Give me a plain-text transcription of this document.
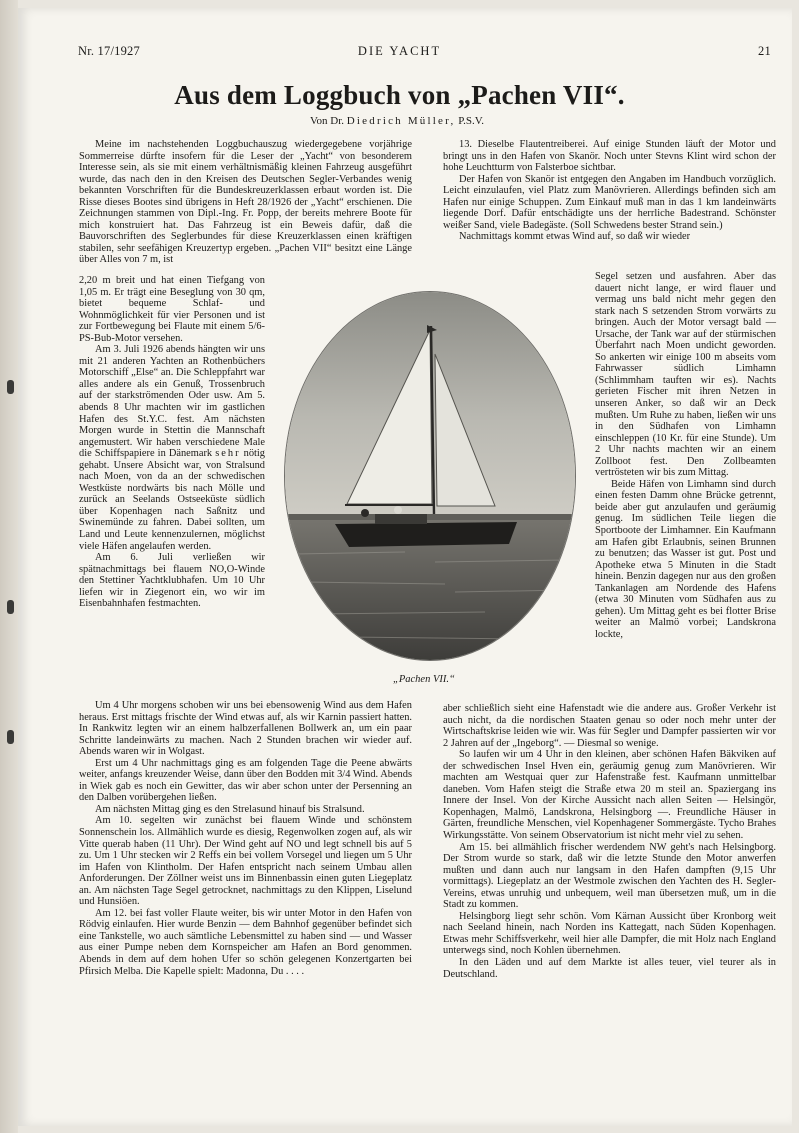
Nr. 17/1927	DIE YACHT	21
Aus dem Loggbuch von „Pachen VII“.
Von Dr. Diedrich Müller, P.S.V.

Meine im nachstehenden Loggbuchauszug wiedergegebene vorjährige Sommerreise dürfte insofern für die Leser der „Yacht“ von besonderem Interesse sein, als sie mit einem verhältnismäßig kleinen Fahrzeug ausgeführt wurde, das nach den in den Kreisen des Deutschen Segler-Verbandes wenig bekannten Vorschriften für die Bundeskreuzerklassen erbaut worden ist. Die Risse dieses Bootes sind übrigens in Heft 28/1926 der „Yacht“ erschienen. Die Zeichnungen stammen von Dipl.-Ing. Fr. Popp, der bereits mehrere Boote für mich konstruiert hat. Das Fahrzeug ist ein Beweis dafür, daß die Bauvorschriften des Seglerbundes für diese Kreuzerklassen einen kräftigen stabilen, sehr seefähigen Kreuzertyp ergeben. „Pachen VII“ besitzt eine Länge über Alles von 7 m, ist

2,20 m breit und hat einen Tiefgang von 1,05 m. Er trägt eine Beseglung von 30 qm, bietet bequeme Schlaf- und Wohnmöglichkeit für vier Personen und ist zur Fortbewegung bei Flaute mit einem 5/6-PS-Bub-Motor versehen.

Am 3. Juli 1926 abends hängten wir uns mit 21 anderen Yachten an Rothenbüchers Motorschiff „Else“ an. Die Schleppfahrt war alles andere als ein Genuß, Trossenbruch auf der starkströmenden Oder usw. Am 5. abends 8 Uhr machten wir im gastlichen Hafen des St.Y.C. fest. Am nächsten Morgen wurde in Stettin die Mannschaft angemustert. Wir haben verschiedene Male die Schiffspapiere in Dänemark sehr nötig gehabt. Unsere Absicht war, von Stralsund nach Moen, von da an der schwedischen Westküste nordwärts bis nach Mölle und zurück an Seelands Ostseeküste südlich über Kopenhagen nach Saßnitz und Swinemünde zu fahren. Dabei sollten, um Land und Leute kennenzulernen, möglichst viele Häfen angelaufen werden.

Am 6. Juli verließen wir spätnachmittags bei flauem NO,O-Winde den Stettiner Yachtklubhafen. Um 10 Uhr liefen wir in Ziegenort ein, wo wir im Eisenbahnhafen festmachten.

Um 4 Uhr morgens schoben wir uns bei ebensowenig Wind aus dem Hafen heraus. Erst mittags frischte der Wind etwas auf, als wir Karnin passiert hatten. In Rankwitz legten wir an einem halbzerfallenen Bollwerk an, um ein paar Schritte landeinwärts zu machen. Nach 2 Stunden brachen wir wieder auf. Abends waren wir in Wolgast.

Erst um 4 Uhr nachmittags ging es am folgenden Tage die Peene abwärts weiter, anfangs kreuzender Weise, dann über den Bodden mit 3/4 Wind. Abends in Wiek gab es noch ein Gewitter, das wir aber schon unter der Persenning an den Dalben vorübergehen ließen.

Am nächsten Mittag ging es den Strelasund hinauf bis Stralsund.

Am 10. segelten wir zunächst bei flauem Winde und schönstem Sonnenschein los. Allmählich wurde es diesig, Regenwolken zogen auf, als wir Vitte querab haben (11 Uhr). Der Wind geht auf NO und legt schnell bis auf 5 zu. Um 1 Uhr stecken wir 2 Reffs ein bei vollem Vorsegel und liegen um 5 Uhr im Hafen von Klintholm. Der Hafen entspricht nach seinem Umbau allen Anforderungen. Der Zöllner weist uns im Binnenbassin einen guten Liegeplatz an. Am nächsten Tage Segel getrocknet, nachmittags zu den Klippen, Liselund und Hunsiöen.

Am 12. bei fast voller Flaute weiter, bis wir unter Motor in den Hafen von Rödvig einlaufen. Hier wurde Benzin — dem Bahnhof gegenüber befindet sich eine Tankstelle, wo auch sämtliche Lebensmittel zu haben sind — und Wasser aus einer Pumpe neben dem Kornspeicher am Hafen an Bord genommen. Abends in dem auf dem hohen Ufer so schön gelegenen Konzertgarten bei Pfirsich Melba. Die Kapelle spielt: Madonna, Du . . . .

13. Dieselbe Flautentreiberei. Auf einige Stunden läuft der Motor und bringt uns in den Hafen von Skanör. Noch unter Stevns Klint wird schon der hohe Leuchtturm von Falsterboe sichtbar.

Der Hafen von Skanör ist entgegen den Angaben im Handbuch vorzüglich. Leicht einzulaufen, viel Platz zum Manövrieren. Allerdings befinden sich am Hafen nur einige Schuppen. Zum Einkauf muß man in das 1 km landeinwärts liegende Dorf. Dafür entschädigte uns der herrliche Badestrand. Schönster weißer Sand, viele Badegäste. (Soll Schwedens bester Strand sein.)

Nachmittags kommt etwas Wind auf, so daß wir wieder

Segel setzen und ausfahren. Aber das dauert nicht lange, er wird flauer und vermag uns bald nicht mehr gegen den stark nach S setzenden Strom vorwärts zu bringen. Auch der Motor versagt bald — Ursache, der Tank war auf der stürmischen Überfahrt nach Moen undicht geworden. So ankerten wir einige 100 m abseits vom Fahrwasser südlich Limhamn (Schlimmham tauften wir es). Nachts gerieten Fischer mit ihren Netzen in unseren Anker, so daß wir an Deck mußten. Um Ruhe zu haben, ließen wir uns in den Südhafen von Limhamn einschleppen (10 Kr. für eine Stunde). Um 2 Uhr nachts machten wir an einem Zollboot fest. Den Zollbeamten vertrösteten wir bis zum Mittag.

Beide Häfen von Limhamn sind durch einen festen Damm ohne Brücke getrennt, beide aber gut anzulaufen und geräumig genug. Im südlichen Teile liegen die Sportboote der Limhamner. Ein Kaufmann am Hafen gibt Erlaubnis, seinen Brunnen zu benutzen; das Wasser ist gut. Post und Apotheke etwa 5 Minuten in die Stadt hinein. Benzin dagegen nur aus den großen Tankanlagen am Nordende des Hafens (etwa 30 Minuten vom Südhafen aus zu gehen). Um Mittag geht es bei flotter Brise weiter an Malmö vorbei; Landskrona lockte,

aber schließlich sieht eine Hafenstadt wie die andere aus. Großer Verkehr ist auch nicht, da die nordischen Staaten genau so oder noch mehr unter der Wirtschaftskrise leiden wie wir. Was für Segler und Dampfer passierten wir vor 2 Jahren auf der „Ingeborg“. — Diesmal so wenige.

So laufen wir um 4 Uhr in den kleinen, aber schönen Hafen Bäkviken auf der schwedischen Insel Hven ein, geräumig genug zum Manövrieren. Wir machten am Westquai quer zur Hafenstraße fest. Kaufmann unmittelbar daneben. Vom Hafen steigt die Straße etwa 20 m steil an. Spaziergang ins Innere der Insel. Von der Kirche Aussicht nach allen Seiten — Helsingör, Kopenhagen, Malmö, Landskrona, Helsingborg —. Freundliche Häuser in Gärten, freundliche Menschen, viel Kopenhagener Sommergäste. Tycho Brahes Wirkungsstätte. Von seinem Observatorium ist nicht mehr viel zu sehen.

Am 15. bei allmählich frischer werdendem NW geht's nach Helsingborg. Der Strom wurde so stark, daß wir die letzte Stunde den Motor anwerfen mußten und dann auch nur langsam in den Hafen dampften (9,15 Uhr vormittags). Liegeplatz an der Westmole zwischen den Yachten des H. Segler-Vereins, etwas unruhig und unbequem, weil man übersetzen muß, um in die Stadt zu kommen.

Helsingborg liegt sehr schön. Vom Kärnan Aussicht über Kronborg weit nach Seeland hinein, nach Norden ins Kattegatt, nach Süden Kopenhagen. Etwas mehr Schiffsverkehr, weil hier alle Dampfer, die mit Holz nach England unterwegs sind, noch Kohlen übernehmen.

In den Läden und auf dem Markte ist alles teuer, viel teurer als in Deutschland.

„Pachen VII.“
